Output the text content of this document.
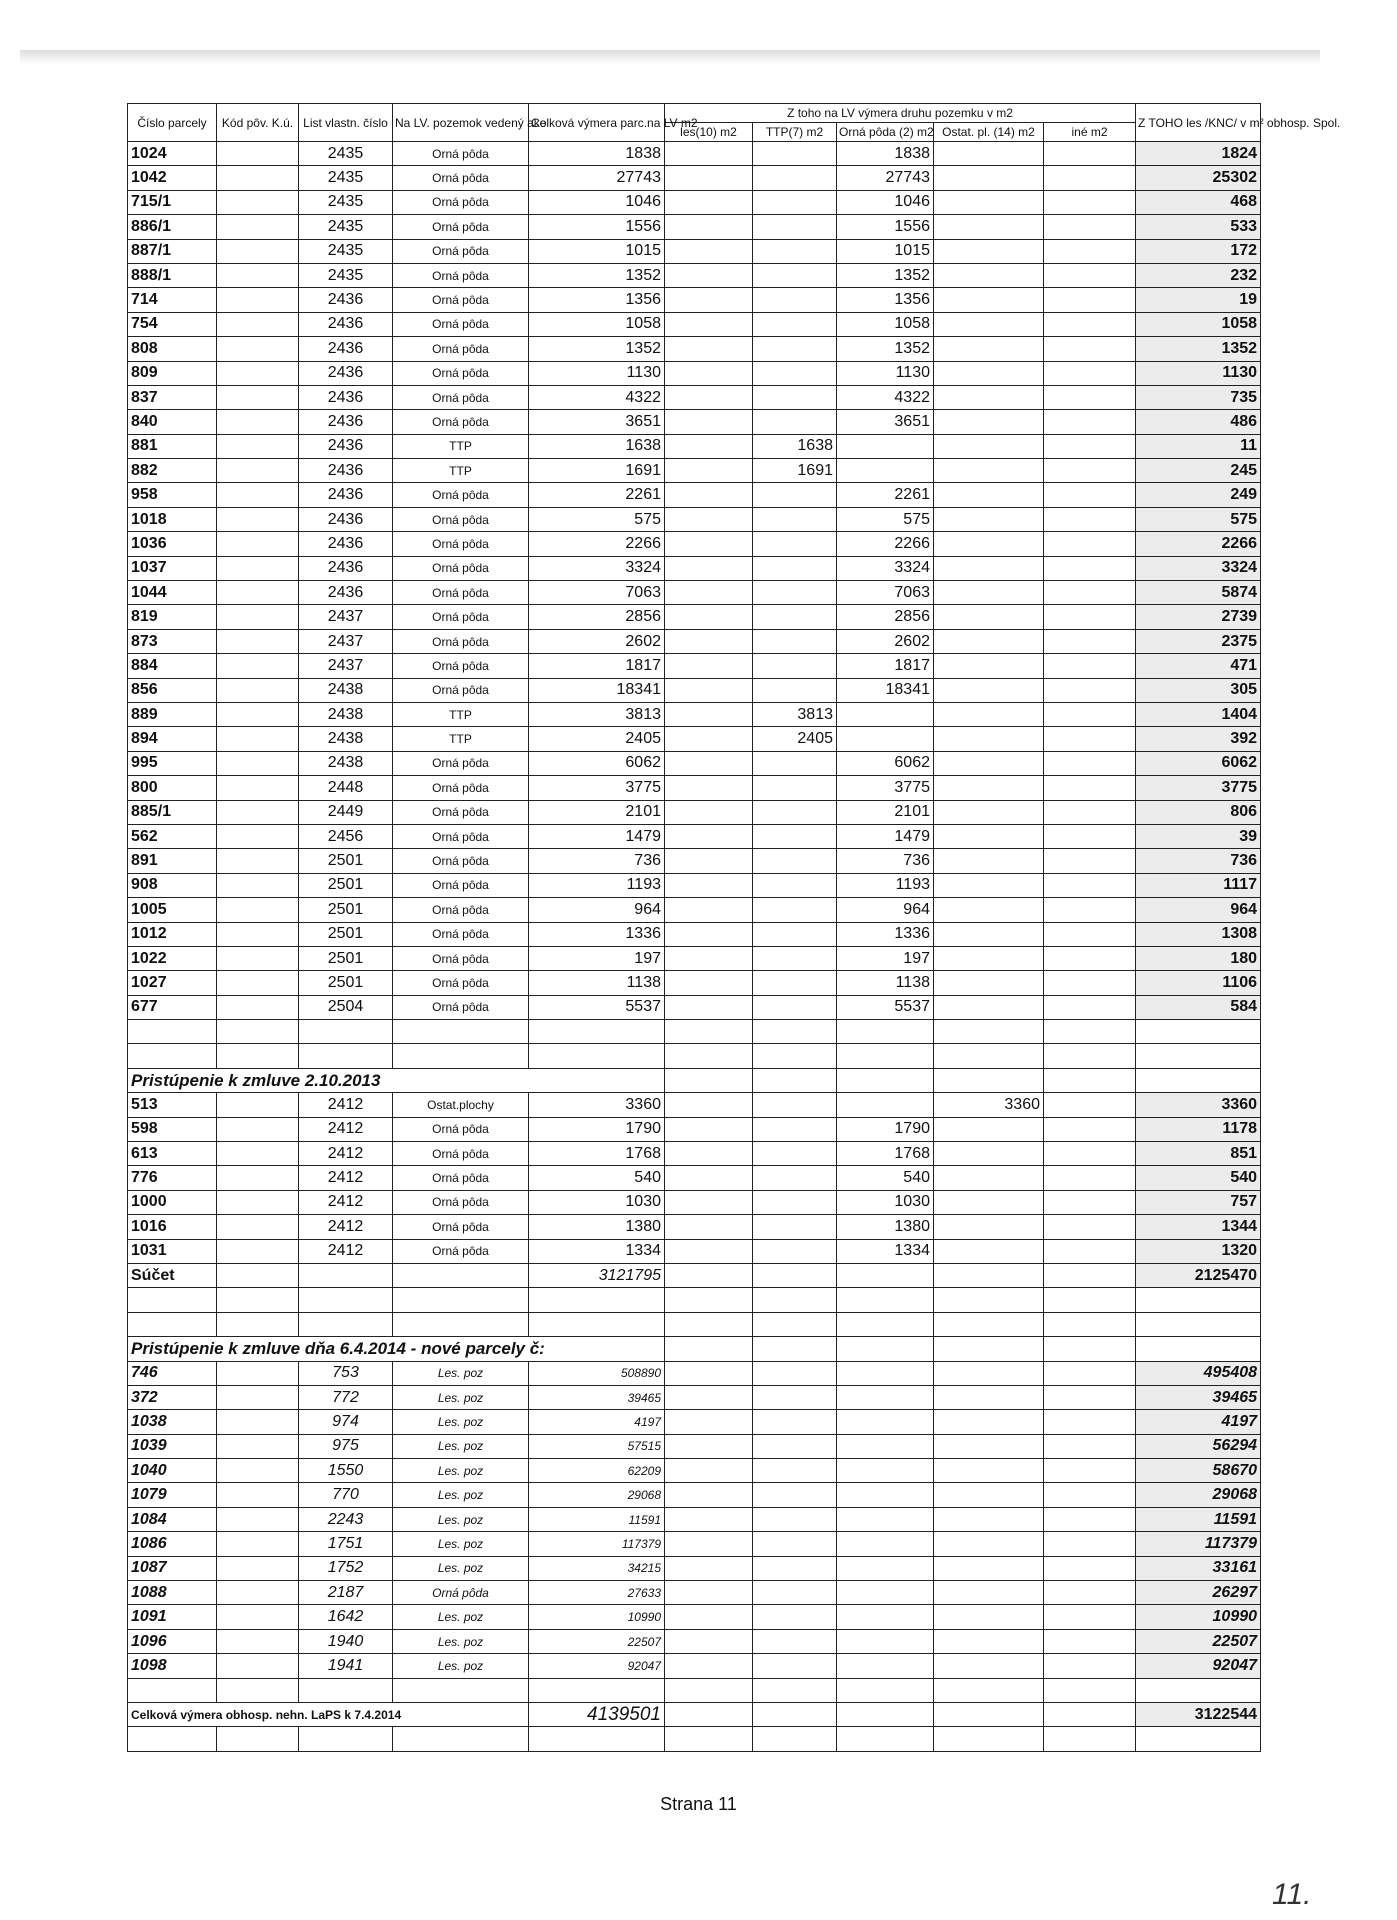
Číslo parcely	Kód pôv. K.ú.	List vlastn. číslo	Na LV. pozemok vedený ako	Celková výmera parc.na LV m2	Z toho na LV výmera druhu pozemku v m2					Z TOHO les /KNC/ v m² obhosp. Spol.
					les(10) m2	TTP(7) m2	Orná pôda (2) m2	Ostat. pl. (14) m2	iné m2	
1024		2435	Orná pôda	1838			1838			1824
1042		2435	Orná pôda	27743			27743			25302
715/1		2435	Orná pôda	1046			1046			468
886/1		2435	Orná pôda	1556			1556			533
887/1		2435	Orná pôda	1015			1015			172
888/1		2435	Orná pôda	1352			1352			232
714		2436	Orná pôda	1356			1356			19
754		2436	Orná pôda	1058			1058			1058
808		2436	Orná pôda	1352			1352			1352
809		2436	Orná pôda	1130			1130			1130
837		2436	Orná pôda	4322			4322			735
840		2436	Orná pôda	3651			3651			486
881		2436	TTP	1638		1638				11
882		2436	TTP	1691		1691				245
958		2436	Orná pôda	2261			2261			249
1018		2436	Orná pôda	575			575			575
1036		2436	Orná pôda	2266			2266			2266
1037		2436	Orná pôda	3324			3324			3324
1044		2436	Orná pôda	7063			7063			5874
819		2437	Orná pôda	2856			2856			2739
873		2437	Orná pôda	2602			2602			2375
884		2437	Orná pôda	1817			1817			471
856		2438	Orná pôda	18341			18341			305
889		2438	TTP	3813		3813				1404
894		2438	TTP	2405		2405				392
995		2438	Orná pôda	6062			6062			6062
800		2448	Orná pôda	3775			3775			3775
885/1		2449	Orná pôda	2101			2101			806
562		2456	Orná pôda	1479			1479			39
891		2501	Orná pôda	736			736			736
908		2501	Orná pôda	1193			1193			1117
1005		2501	Orná pôda	964			964			964
1012		2501	Orná pôda	1336			1336			1308
1022		2501	Orná pôda	197			197			180
1027		2501	Orná pôda	1138			1138			1106
677		2504	Orná pôda	5537			5537			584

Pristúpenie k zmluve 2.10.2013										
513		2412	Ostat.plochy	3360				3360		3360
598		2412	Orná pôda	1790			1790			1178
613		2412	Orná pôda	1768			1768			851
776		2412	Orná pôda	540			540			540
1000		2412	Orná pôda	1030			1030			757
1016		2412	Orná pôda	1380			1380			1344
1031		2412	Orná pôda	1334			1334			1320
Súčet				3121795						2125470

Pristúpenie k zmluve dňa 6.4.2014 - nové parcely č:										
746		753	Les. poz	508890						495408
372		772	Les. poz	39465						39465
1038		974	Les. poz	4197						4197
1039		975	Les. poz	57515						56294
1040		1550	Les. poz	62209						58670
1079		770	Les. poz	29068						29068
1084		2243	Les. poz	11591						11591
1086		1751	Les. poz	117379						117379
1087		1752	Les. poz	34215						33161
1088		2187	Orná pôda	27633						26297
1091		1642	Les. poz	10990						10990
1096		1940	Les. poz	22507						22507
1098		1941	Les. poz	92047						92047

Celková výmera obhosp. nehn. LaPS k 7.4.2014				4139501						3122544

Strana 11
11.
